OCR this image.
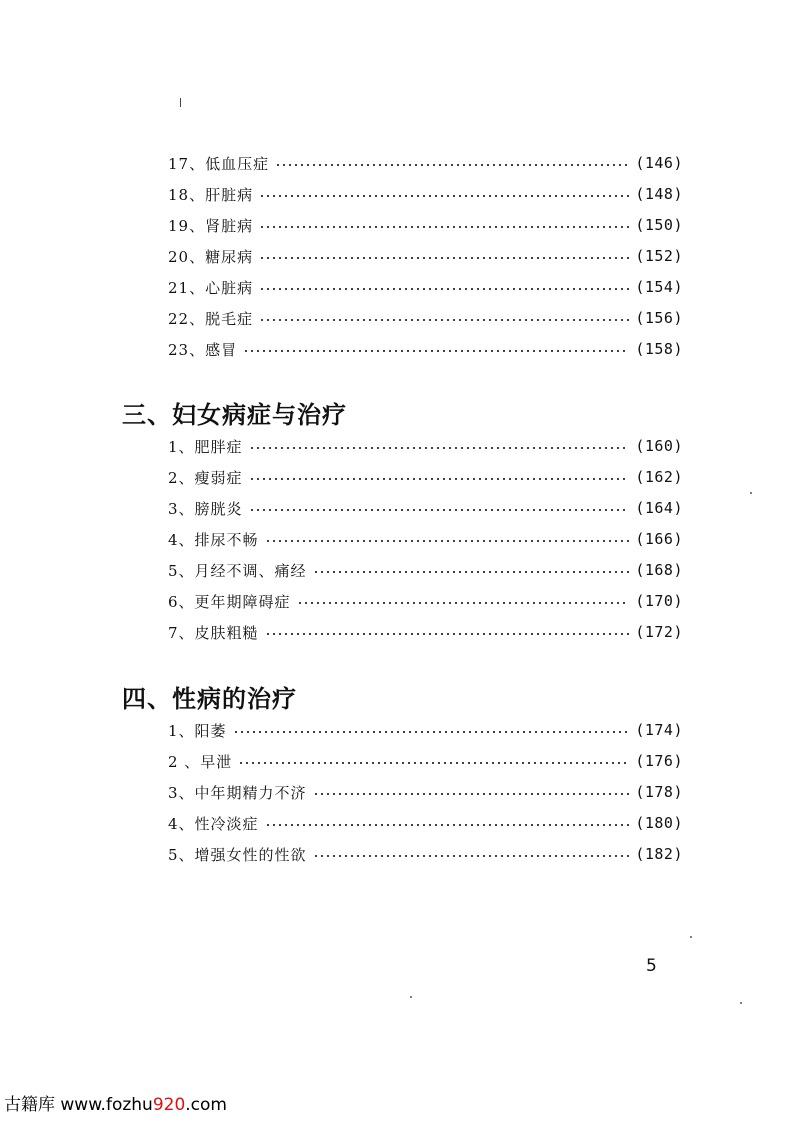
17、低血压症	(146)
18、肝脏病	(148)
19、肾脏病	(150)
20、糖尿病	(152)
21、心脏病	(154)
22、脱毛症	(156)
23、感冒	(158)
三、妇女病症与治疗
1、肥胖症	(160)
2、瘦弱症	(162)
3、膀胱炎	(164)
4、排尿不畅	(166)
5、月经不调、痛经	(168)
6、更年期障碍症	(170)
7、皮肤粗糙	(172)
四、性病的治疗
1、阳萎	(174)
2 、早泄	(176)
3、中年期精力不济	(178)
4、性冷淡症	(180)
5、增强女性的性欲	(182)
5
古籍库 www.fozhu920.com
